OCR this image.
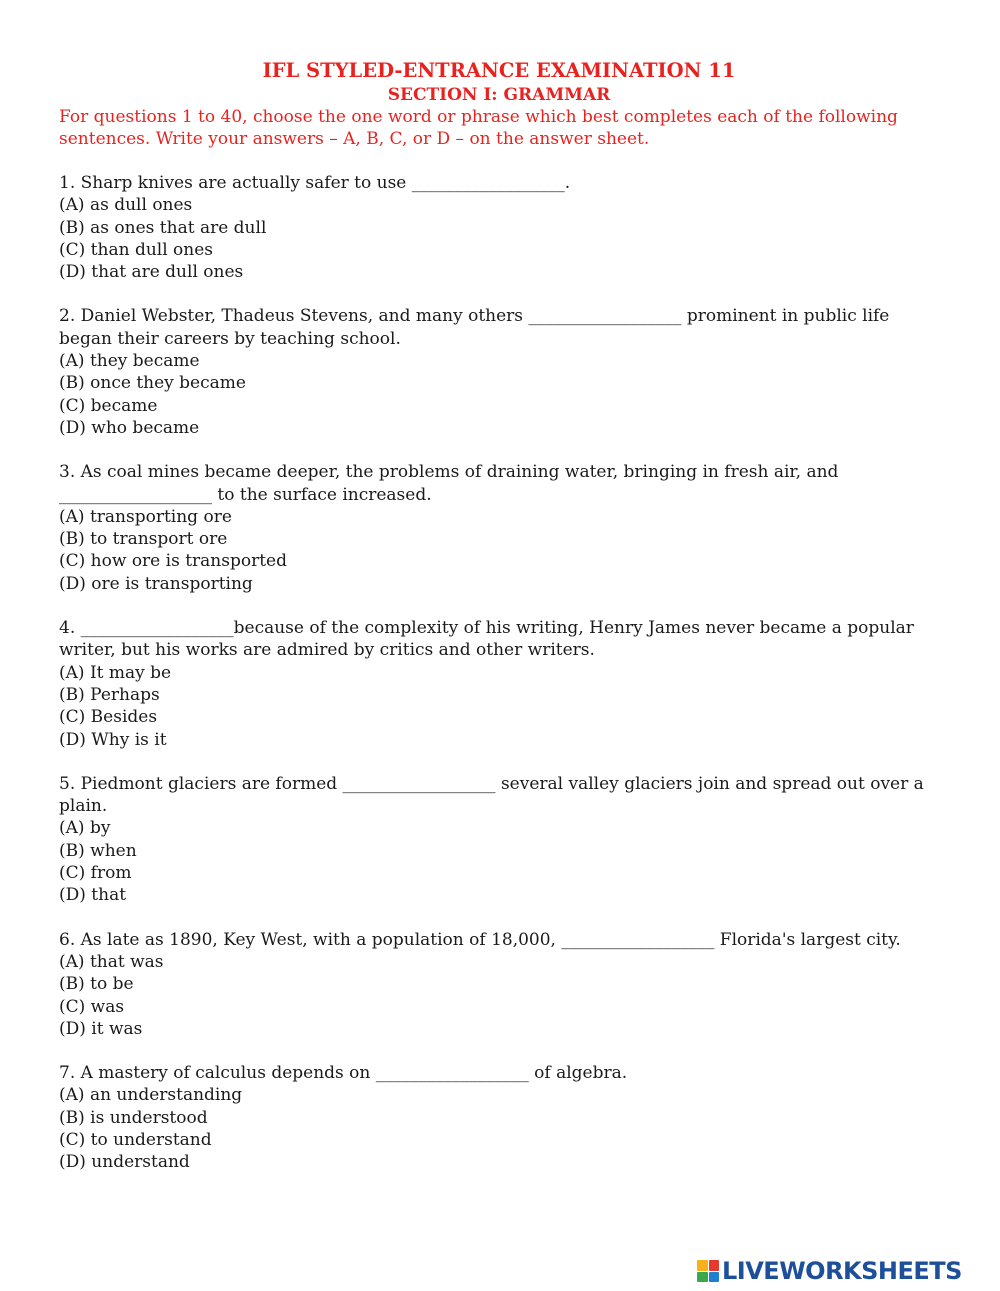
IFL STYLED-ENTRANCE EXAMINATION 11
SECTION I: GRAMMAR
For questions 1 to 40, choose the one word or phrase which best completes each of the following sentences. Write your answers – A, B, C, or D – on the answer sheet.
1. Sharp knives are actually safer to use __________________.
(A) as dull ones
(B) as ones that are dull
(C) than dull ones
(D) that are dull ones
2. Daniel Webster, Thadeus Stevens, and many others __________________ prominent in public life began their careers by teaching school.
(A) they became
(B) once they became
(C) became
(D) who became
3. As coal mines became deeper, the problems of draining water, bringing in fresh air, and __________________ to the surface increased.
(A) transporting ore
(B) to transport ore
(C) how ore is transported
(D) ore is transporting
4. __________________because of the complexity of his writing, Henry James never became a popular writer, but his works are admired by critics and other writers.
(A) It may be
(B) Perhaps
(C) Besides
(D) Why is it
5. Piedmont glaciers are formed __________________ several valley glaciers join and spread out over a plain.
(A) by
(B) when
(C) from
(D) that
6. As late as 1890, Key West, with a population of 18,000, __________________ Florida's largest city.
(A) that was
(B) to be
(C) was
(D) it was
7. A mastery of calculus depends on __________________ of algebra.
(A) an understanding
(B) is understood
(C) to understand
(D) understand
LIVEWORKSHEETS
